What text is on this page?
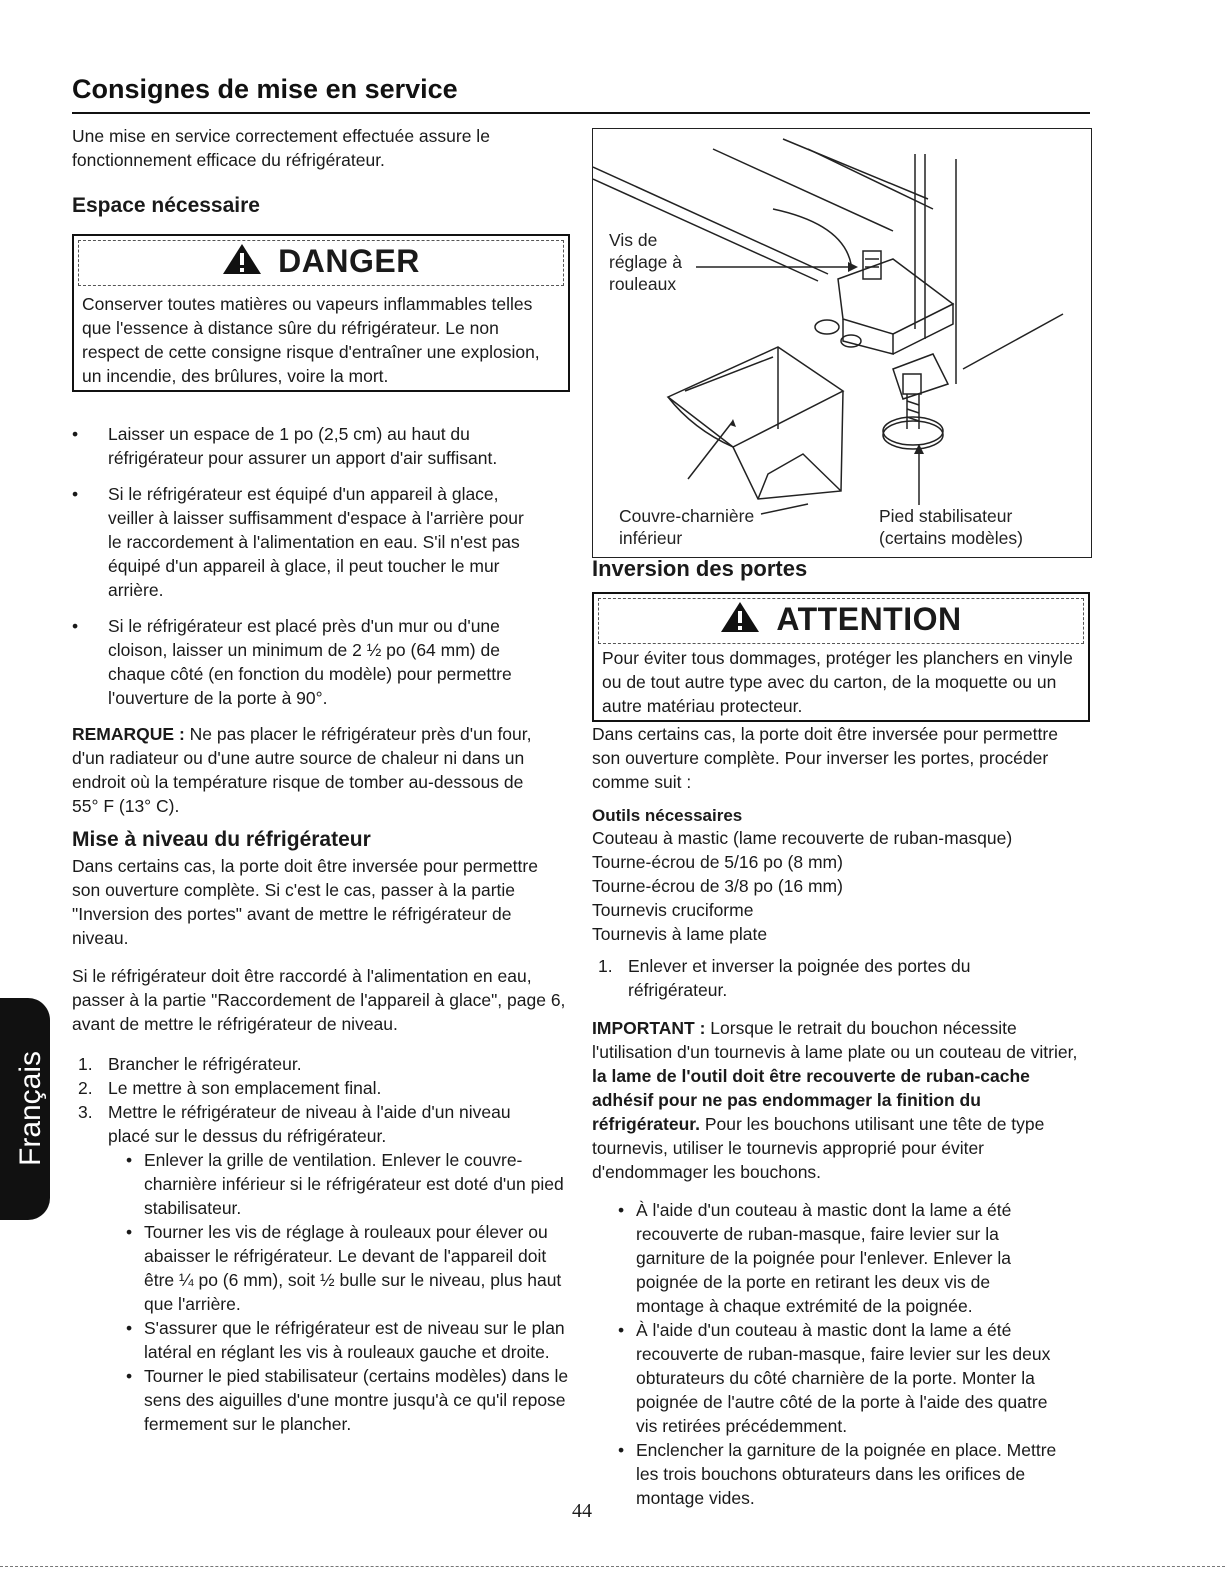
Consignes de mise en service

Une mise en service correctement effectuée assure le fonctionnement efficace du réfrigérateur.

Espace nécessaire
DANGER
Conserver toutes matières ou vapeurs inflammables telles que l'essence à distance sûre du réfrigérateur. Le non respect de cette consigne risque d'entraîner une explosion, un incendie, des brûlures, voire la mort.
• Laisser un espace de 1 po (2,5 cm) au haut du réfrigérateur pour assurer un apport d'air suffisant.
• Si le réfrigérateur est équipé d'un appareil à glace, veiller à laisser suffisamment d'espace à l'arrière pour le raccordement à l'alimentation en eau. S'il n'est pas équipé d'un appareil à glace, il peut toucher le mur arrière.
• Si le réfrigérateur est placé près d'un mur ou d'une cloison, laisser un minimum de 2 ½ po (64 mm) de chaque côté (en fonction du modèle) pour permettre l'ouverture de la porte à 90°.

REMARQUE : Ne pas placer le réfrigérateur près d'un four, d'un radiateur ou d'une autre source de chaleur ni dans un endroit où la température risque de tomber au-dessous de 55° F (13° C).

Mise à niveau du réfrigérateur

Dans certains cas, la porte doit être inversée pour permettre son ouverture complète. Si c'est le cas, passer à la partie "Inversion des portes" avant de mettre le réfrigérateur de niveau.

Si le réfrigérateur doit être raccordé à l'alimentation en eau, passer à la partie "Raccordement de l'appareil à glace", page 6, avant de mettre le réfrigérateur de niveau.

1. Brancher le réfrigérateur.
2. Le mettre à son emplacement final.
3. Mettre le réfrigérateur de niveau à l'aide d'un niveau placé sur le dessus du réfrigérateur.
• Enlever la grille de ventilation. Enlever le couvre-charnière inférieur si le réfrigérateur est doté d'un pied stabilisateur.
• Tourner les vis de réglage à rouleaux pour élever ou abaisser le réfrigérateur. Le devant de l'appareil doit être ¼ po (6 mm), soit ½ bulle sur le niveau, plus haut que l'arrière.
• S'assurer que le réfrigérateur est de niveau sur le plan latéral en réglant les vis à rouleaux gauche et droite.
• Tourner le pied stabilisateur (certains modèles) dans le sens des aiguilles d'une montre jusqu'à ce qu'il repose fermement sur le plancher.
Vis de
réglage à
rouleaux
Couvre-charnière
inférieur
Pied stabilisateur
(certains modèles)
Inversion des portes
ATTENTION
Pour éviter tous dommages, protéger les planchers en vinyle ou de tout autre type avec du carton, de la moquette ou un autre matériau protecteur.

Dans certains cas, la porte doit être inversée pour permettre son ouverture complète. Pour inverser les portes, procéder comme suit :

Outils nécessaires
Couteau à mastic (lame recouverte de ruban-masque)
Tourne-écrou de 5/16 po (8 mm)
Tourne-écrou de 3/8 po (16 mm)
Tournevis cruciforme
Tournevis à lame plate
1. Enlever et inverser la poignée des portes du réfrigérateur.

IMPORTANT : Lorsque le retrait du bouchon nécessite l'utilisation d'un tournevis à lame plate ou un couteau de vitrier, la lame de l'outil doit être recouverte de ruban-cache adhésif pour ne pas endommager la finition du réfrigérateur. Pour les bouchons utilisant une tête de type tournevis, utiliser le tournevis approprié pour éviter d'endommager les bouchons.

• À l'aide d'un couteau à mastic dont la lame a été recouverte de ruban-masque, faire levier sur la garniture de la poignée pour l'enlever. Enlever la poignée de la porte en retirant les deux vis de montage à chaque extrémité de la poignée.
• À l'aide d'un couteau à mastic dont la lame a été recouverte de ruban-masque, faire levier sur les deux obturateurs du côté charnière de la porte. Monter la poignée de l'autre côté de la porte à l'aide des quatre vis retirées précédemment.
• Enclencher la garniture de la poignée en place. Mettre les trois bouchons obturateurs dans les orifices de montage vides.
Français
44
